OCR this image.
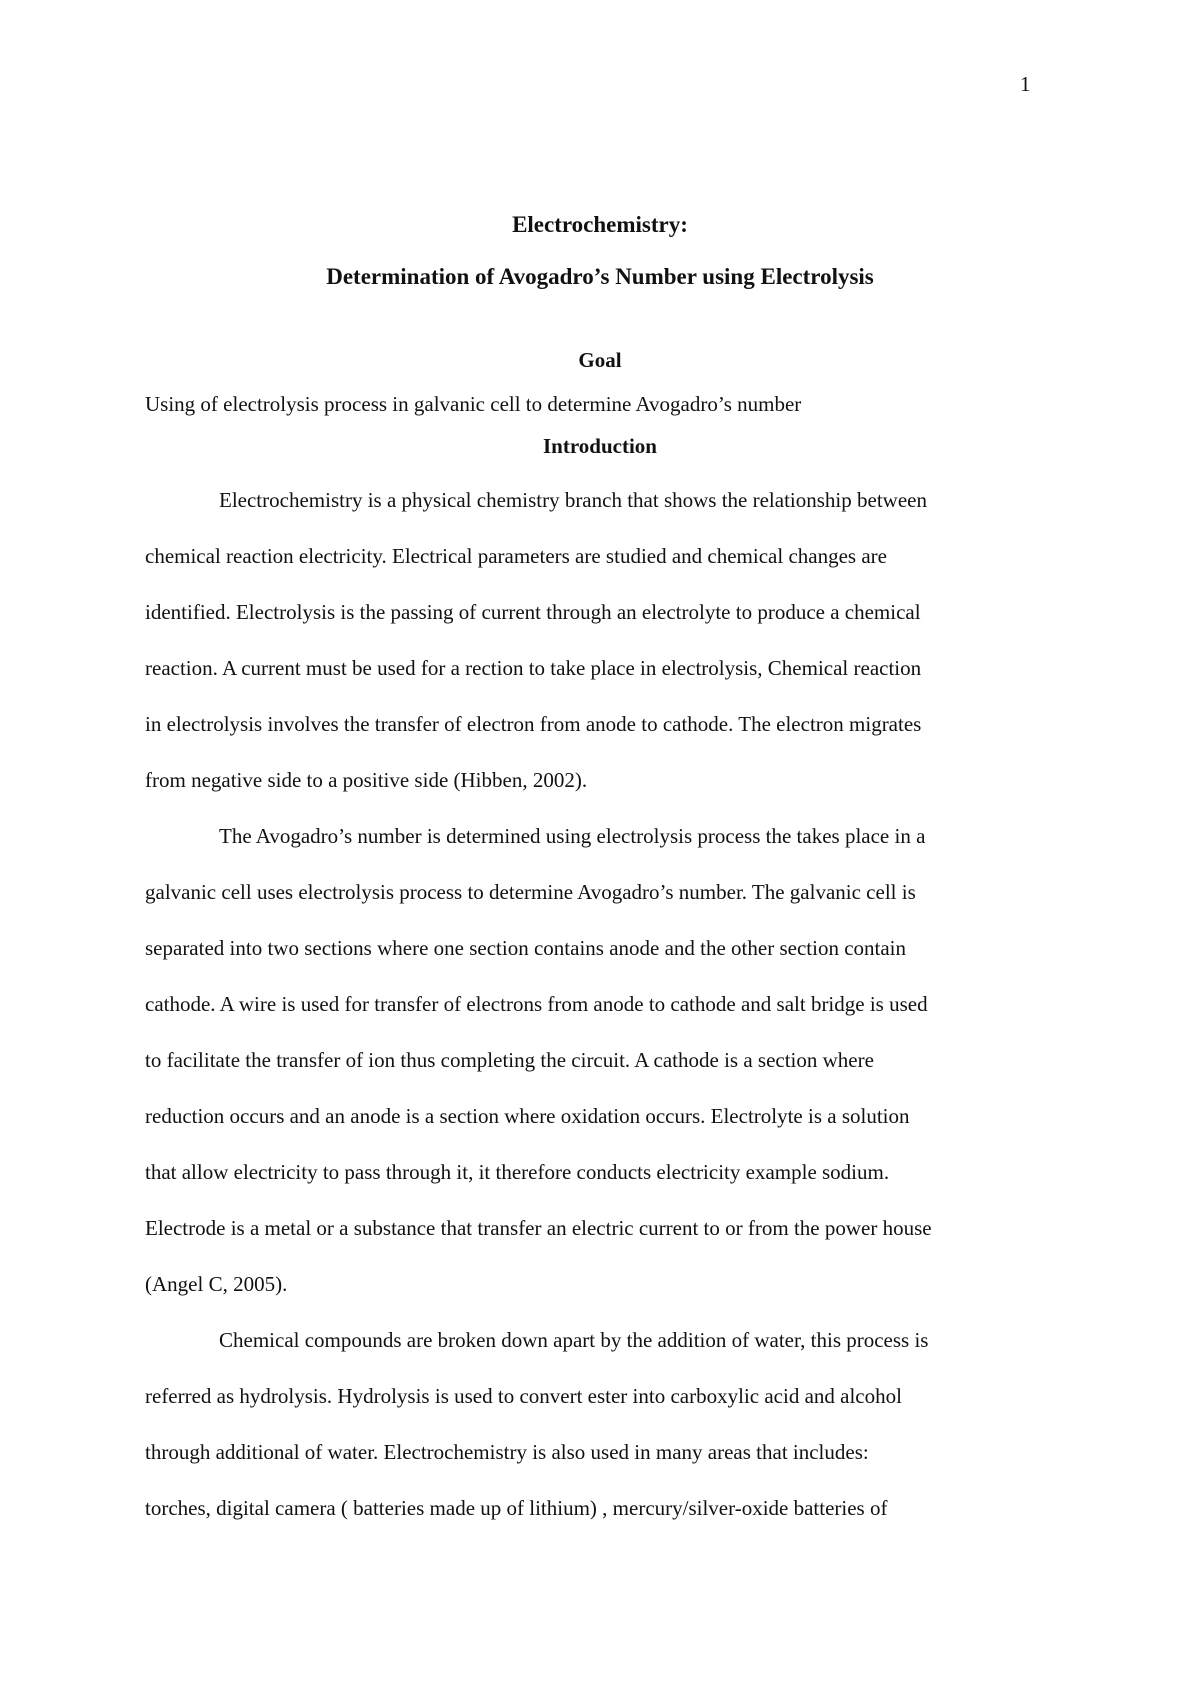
1
Electrochemistry:
Determination of Avogadro’s Number using Electrolysis
Goal
Using of electrolysis process in galvanic cell to determine Avogadro’s number
Introduction
Electrochemistry is a physical chemistry branch that shows the relationship between
chemical reaction electricity. Electrical parameters are studied and chemical changes are
identified. Electrolysis is the passing of current through an electrolyte to produce a chemical
reaction. A current must be used for a rection to take place in electrolysis, Chemical reaction
in electrolysis involves the transfer of electron from anode to cathode. The electron migrates
from negative side to a positive side (Hibben, 2002).
The Avogadro’s number is determined using electrolysis process the takes place in a
galvanic cell uses electrolysis process to determine Avogadro’s number. The galvanic cell is
separated into two sections where one section contains anode and the other section contain
cathode. A wire is used for transfer of electrons from anode to cathode and salt bridge is used
to facilitate the transfer of ion thus completing the circuit. A cathode is a section where
reduction occurs and an anode is a section where oxidation occurs. Electrolyte is a solution
that allow electricity to pass through it, it therefore conducts electricity example sodium.
Electrode is a metal or a substance that transfer an electric current to or from the power house
(Angel C, 2005).
Chemical compounds are broken down apart by the addition of water, this process is
referred as hydrolysis. Hydrolysis is used to convert ester into carboxylic acid and alcohol
through additional of water. Electrochemistry is also used in many areas that includes:
torches, digital camera ( batteries made up of lithium) , mercury/silver-oxide batteries of
